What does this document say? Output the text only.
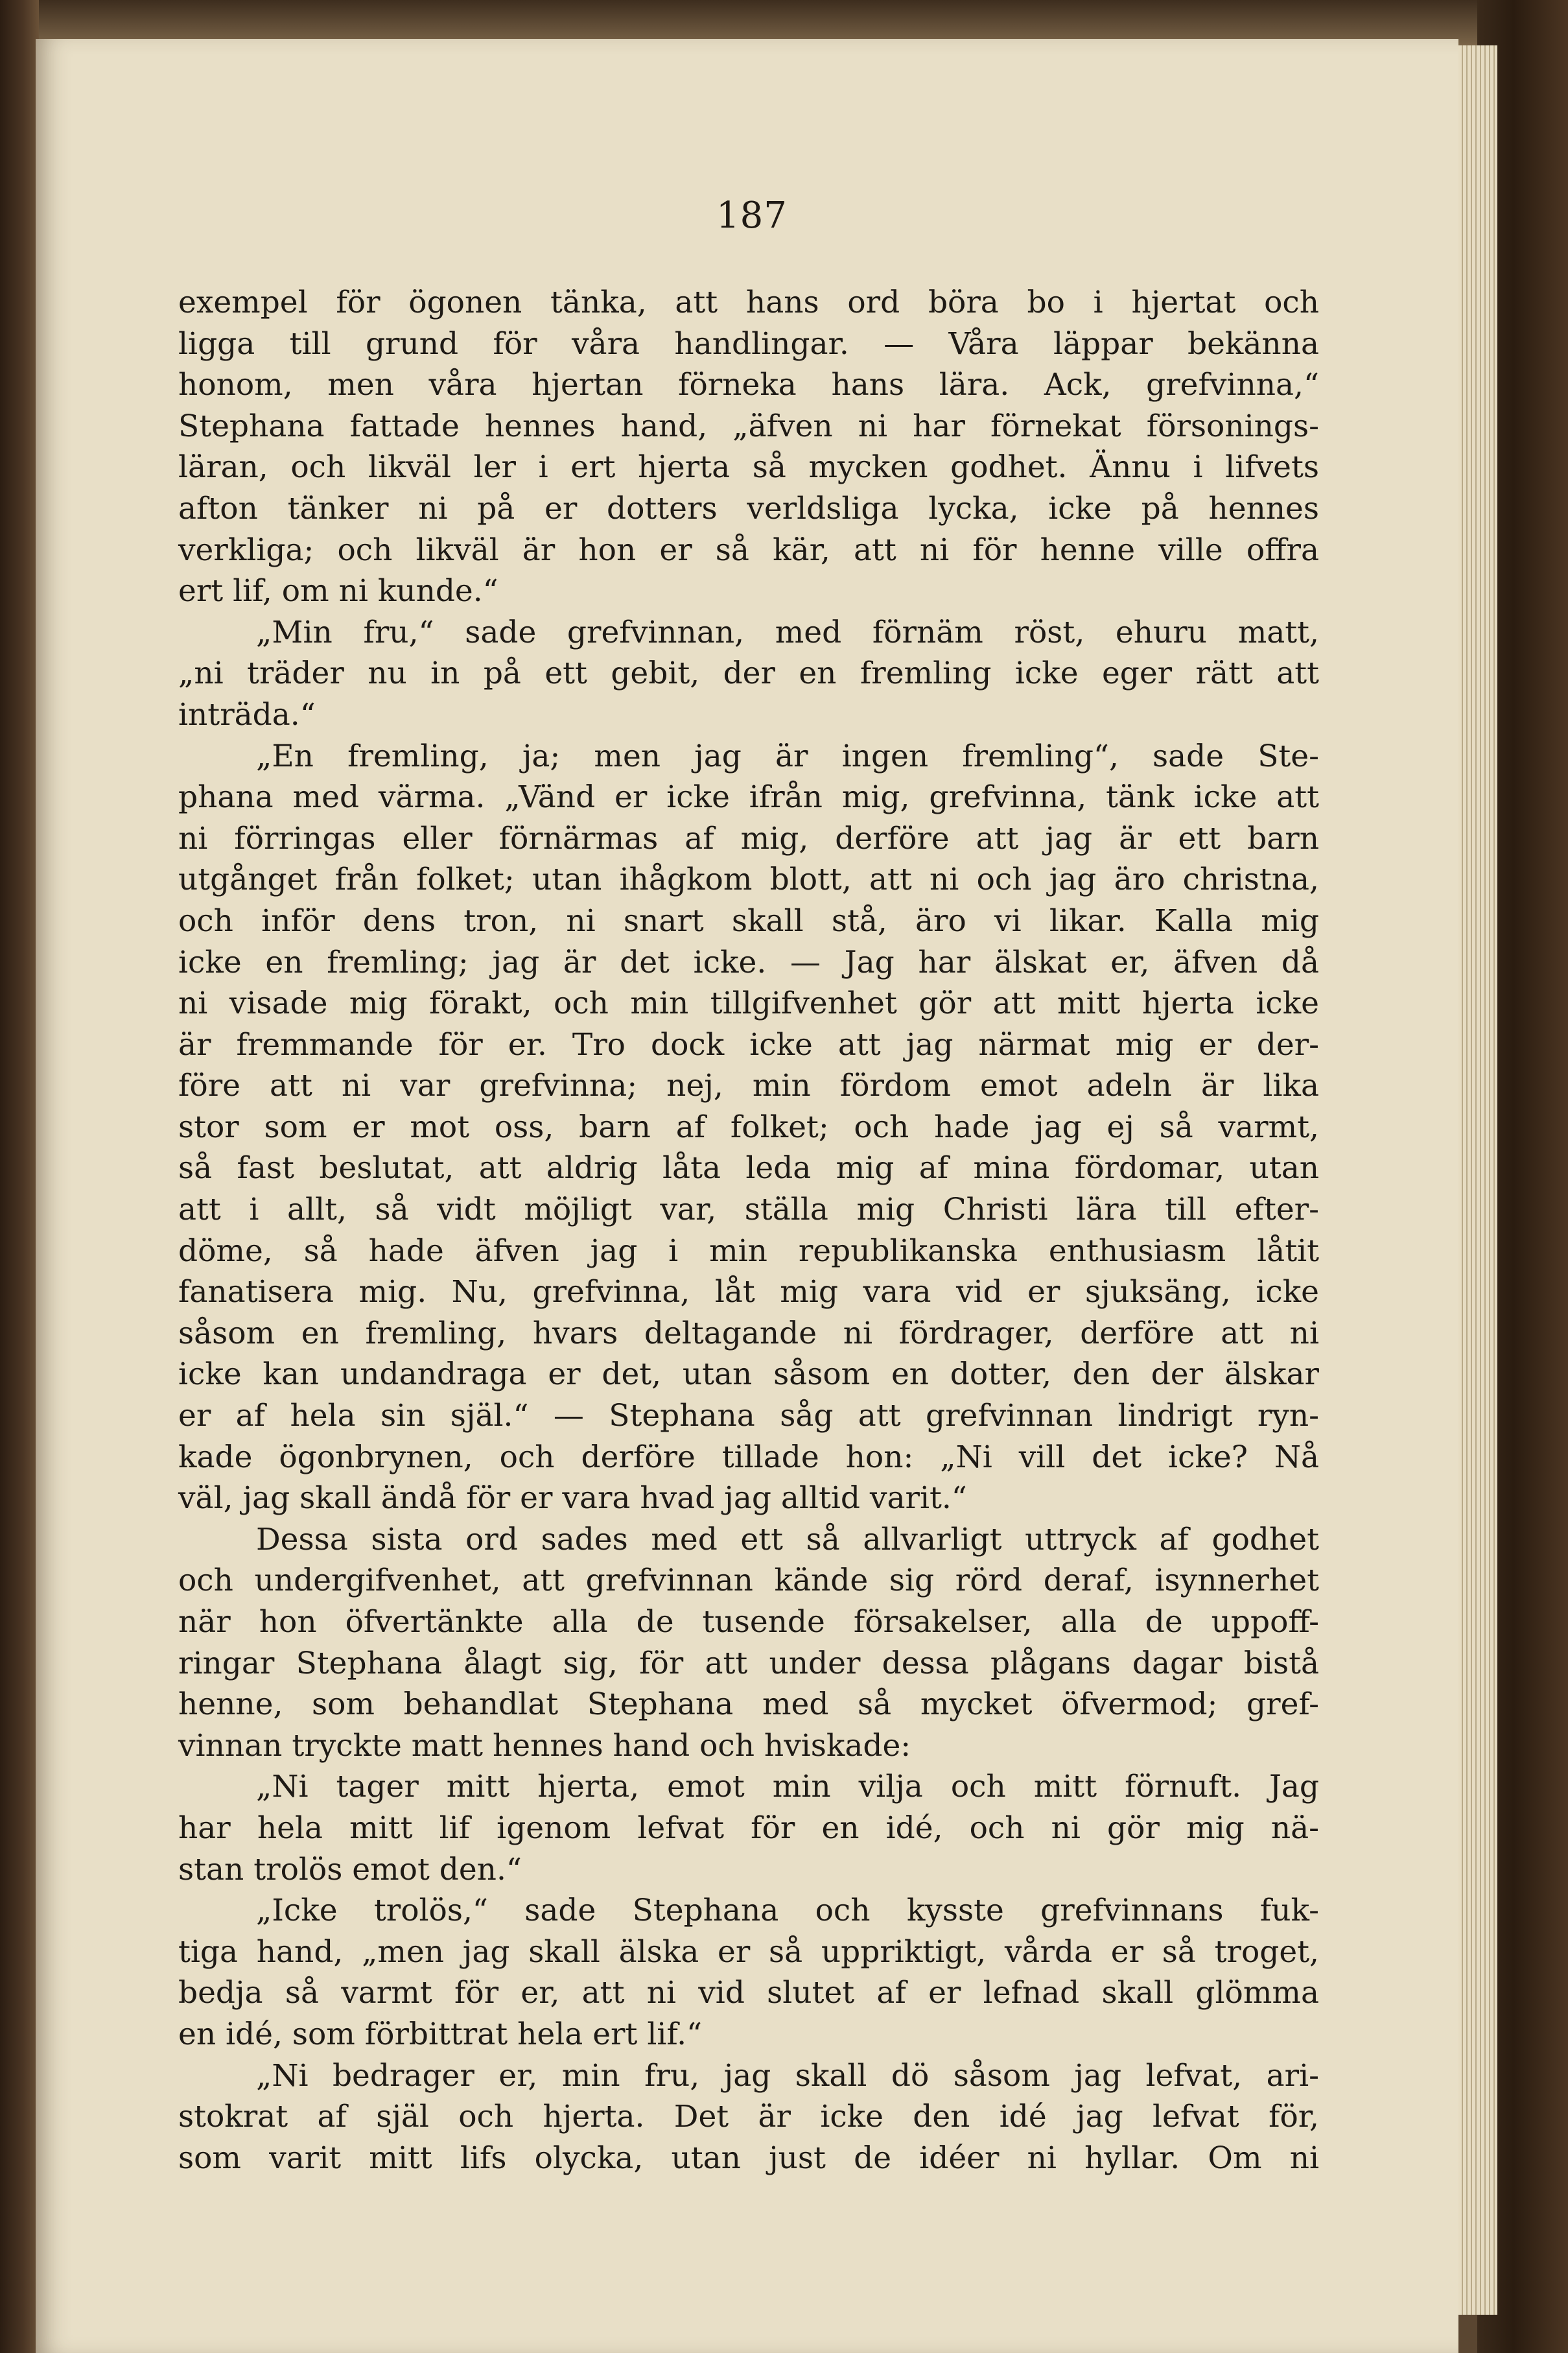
187
exempel för ögonen tänka, att hans ord böra bo i hjertat och
ligga till grund för våra handlingar. — Våra läppar bekänna
honom, men våra hjertan förneka hans lära. Ack, grefvinna,“
Stephana fattade hennes hand, „äfven ni har förnekat försonings-
läran, och likväl ler i ert hjerta så mycken godhet. Ännu i lifvets
afton tänker ni på er dotters verldsliga lycka, icke på hennes
verkliga; och likväl är hon er så kär, att ni för henne ville offra
ert lif, om ni kunde.“
„Min fru,“ sade grefvinnan, med förnäm röst, ehuru matt,
„ni träder nu in på ett gebit, der en fremling icke eger rätt att
inträda.“
„En fremling, ja; men jag är ingen fremling“, sade Ste-
phana med värma. „Vänd er icke ifrån mig, grefvinna, tänk icke att
ni förringas eller förnärmas af mig, derföre att jag är ett barn
utgånget från folket; utan ihågkom blott, att ni och jag äro christna,
och inför dens tron, ni snart skall stå, äro vi likar. Kalla mig
icke en fremling; jag är det icke. — Jag har älskat er, äfven då
ni visade mig förakt, och min tillgifvenhet gör att mitt hjerta icke
är fremmande för er. Tro dock icke att jag närmat mig er der-
före att ni var grefvinna; nej, min fördom emot adeln är lika
stor som er mot oss, barn af folket; och hade jag ej så varmt,
så fast beslutat, att aldrig låta leda mig af mina fördomar, utan
att i allt, så vidt möjligt var, ställa mig Christi lära till efter-
döme, så hade äfven jag i min republikanska enthusiasm låtit
fanatisera mig. Nu, grefvinna, låt mig vara vid er sjuksäng, icke
såsom en fremling, hvars deltagande ni fördrager, derföre att ni
icke kan undandraga er det, utan såsom en dotter, den der älskar
er af hela sin själ.“ — Stephana såg att grefvinnan lindrigt ryn-
kade ögonbrynen, och derföre tillade hon: „Ni vill det icke? Nå
väl, jag skall ändå för er vara hvad jag alltid varit.“
Dessa sista ord sades med ett så allvarligt uttryck af godhet
och undergifvenhet, att grefvinnan kände sig rörd deraf, isynnerhet
när hon öfvertänkte alla de tusende försakelser, alla de uppoff-
ringar Stephana ålagt sig, för att under dessa plågans dagar bistå
henne, som behandlat Stephana med så mycket öfvermod; gref-
vinnan tryckte matt hennes hand och hviskade:
„Ni tager mitt hjerta, emot min vilja och mitt förnuft. Jag
har hela mitt lif igenom lefvat för en idé, och ni gör mig nä-
stan trolös emot den.“
„Icke trolös,“ sade Stephana och kysste grefvinnans fuk-
tiga hand, „men jag skall älska er så uppriktigt, vårda er så troget,
bedja så varmt för er, att ni vid slutet af er lefnad skall glömma
en idé, som förbittrat hela ert lif.“
„Ni bedrager er, min fru, jag skall dö såsom jag lefvat, ari-
stokrat af själ och hjerta. Det är icke den idé jag lefvat för,
som varit mitt lifs olycka, utan just de idéer ni hyllar. Om ni
